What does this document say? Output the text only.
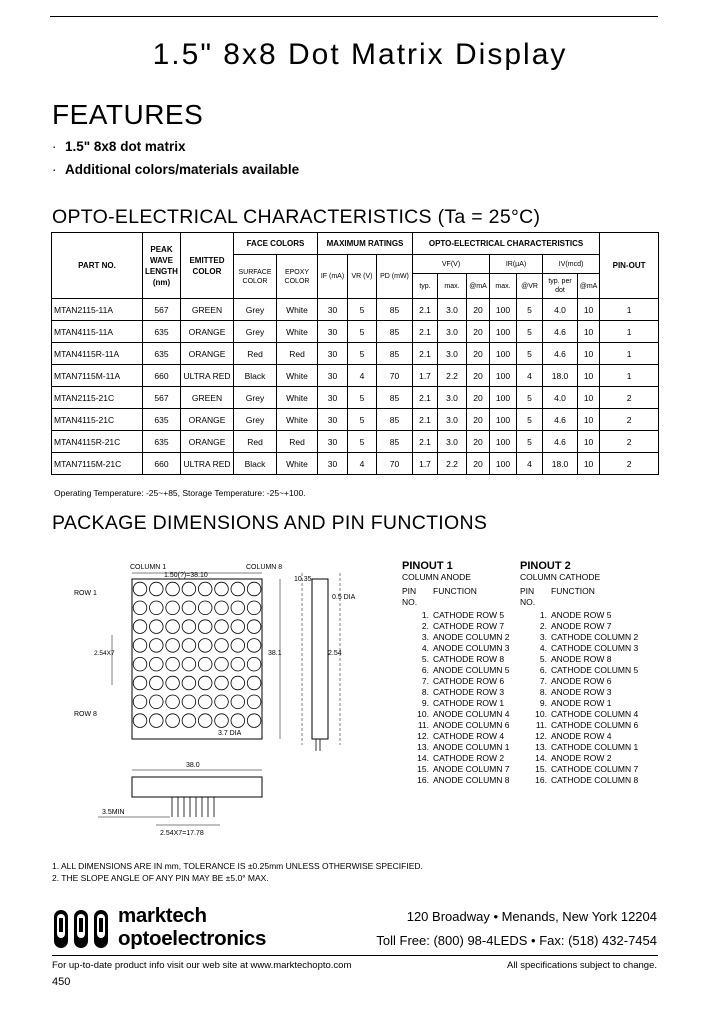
1.5" 8x8 Dot Matrix Display
FEATURES
· 1.5" 8x8 dot matrix
· Additional colors/materials available
OPTO-ELECTRICAL CHARACTERISTICS (Ta = 25°C)
PART NO.	PEAK WAVE LENGTH (nm)	EMITTED COLOR	FACE COLORS		MAXIMUM RATINGS			OPTO-ELECTRICAL CHARACTERISTICS							PIN-OUT
			SURFACE COLOR	EPOXY COLOR	IF (mA)	VR (V)	PD (mW)	VF(V)			IR(µA)		IV(mcd)		
								typ.	max.	@mA	max.	@VR	typ. per dot	@mA	
MTAN2115-11A	567	GREEN	Grey	White	30	5	85	2.1	3.0	20	100	5	4.0	10	1
MTAN4115-11A	635	ORANGE	Grey	White	30	5	85	2.1	3.0	20	100	5	4.6	10	1
MTAN4115R-11A	635	ORANGE	Red	Red	30	5	85	2.1	3.0	20	100	5	4.6	10	1
MTAN7115M-11A	660	ULTRA RED	Black	White	30	4	70	1.7	2.2	20	100	4	18.0	10	1
MTAN2115-21C	567	GREEN	Grey	White	30	5	85	2.1	3.0	20	100	5	4.0	10	2
MTAN4115-21C	635	ORANGE	Grey	White	30	5	85	2.1	3.0	20	100	5	4.6	10	2
MTAN4115R-21C	635	ORANGE	Red	Red	30	5	85	2.1	3.0	20	100	5	4.6	10	2
MTAN7115M-21C	660	ULTRA RED	Black	White	30	4	70	1.7	2.2	20	100	4	18.0	10	2
Operating Temperature: -25~+85, Storage Temperature: -25~+100.
PACKAGE DIMENSIONS AND PIN FUNCTIONS
COLUMN 1	COLUMN 8
1.50(?)=38.10
ROW 1
ROW 8
10.35
0.5 DIA
38.1	2.54
2.54X7
3.7 DIA
38.0
3.5MIN
2.54X7=17.78
PINOUT 1
COLUMN ANODE
PIN NO.
FUNCTION
1. CATHODE ROW 5
2. CATHODE ROW 7
3. ANODE COLUMN 2
4. ANODE COLUMN 3
5. CATHODE ROW 8
6. ANODE COLUMN 5
7. CATHODE ROW 6
8. CATHODE ROW 3
9. CATHODE ROW 1
10. ANODE COLUMN 4
11. ANODE COLUMN 6
12. CATHODE ROW 4
13. ANODE COLUMN 1
14. CATHODE ROW 2
15. ANODE COLUMN 7
16. ANODE COLUMN 8
PINOUT 2
COLUMN CATHODE
PIN NO.
FUNCTION
1. ANODE ROW 5
2. ANODE ROW 7
3. CATHODE COLUMN 2
4. CATHODE COLUMN 3
5. ANODE ROW 8
6. CATHODE COLUMN 5
7. ANODE ROW 6
8. ANODE ROW 3
9. ANODE ROW 1
10. CATHODE COLUMN 4
11. CATHODE COLUMN 6
12. ANODE ROW 4
13. CATHODE COLUMN 1
14. ANODE ROW 2
15. CATHODE COLUMN 7
16. CATHODE COLUMN 8
1. ALL DIMENSIONS ARE IN mm, TOLERANCE IS ±0.25mm UNLESS OTHERWISE SPECIFIED.
2. THE SLOPE ANGLE OF ANY PIN MAY BE ±5.0° MAX.
marktech
optoelectronics
120 Broadway • Menands, New York 12204
Toll Free: (800) 98-4LEDS • Fax: (518) 432-7454
For up-to-date product info visit our web site at www.marktechopto.com	All specifications subject to change.
450
